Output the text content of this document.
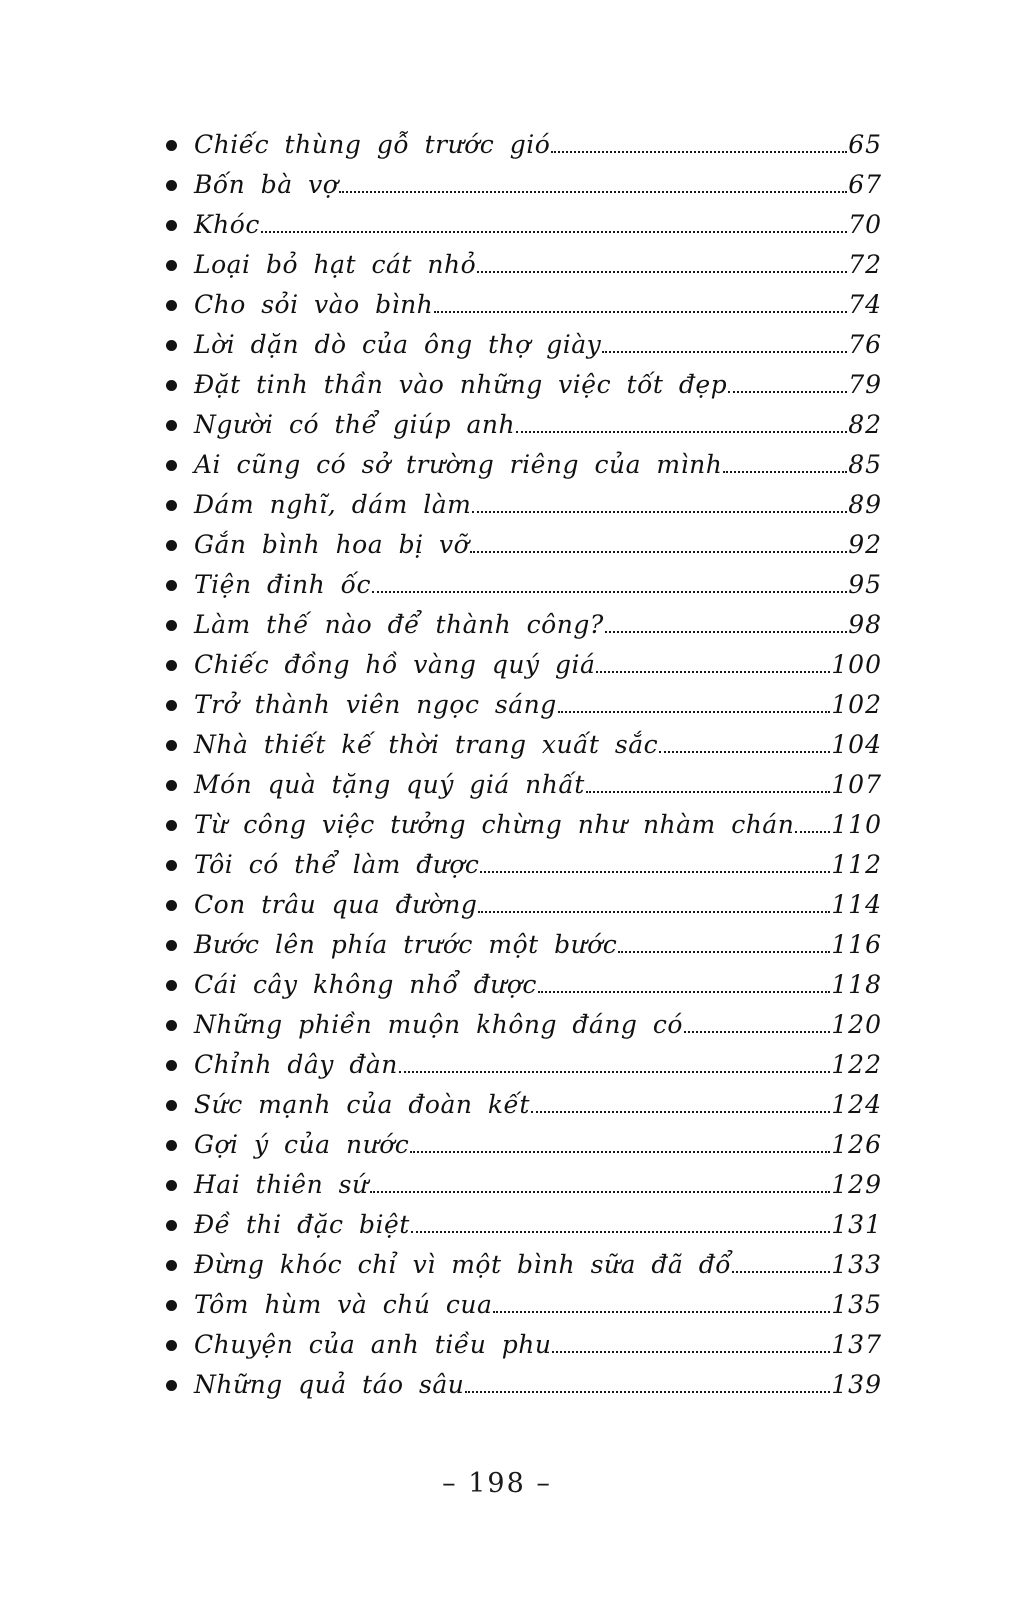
Chiếc thùng gỗ trước gió	65
Bốn bà vợ	67
Khóc	70
Loại bỏ hạt cát nhỏ	72
Cho sỏi vào bình	74
Lời dặn dò của ông thợ giày	76
Đặt tinh thần vào những việc tốt đẹp	79
Người có thể giúp anh	82
Ai cũng có sở trường riêng của mình	85
Dám nghĩ, dám làm	89
Gắn bình hoa bị vỡ	92
Tiện đinh ốc	95
Làm thế nào để thành công?	98
Chiếc đồng hồ vàng quý giá	100
Trở thành viên ngọc sáng	102
Nhà thiết kế thời trang xuất sắc	104
Món quà tặng quý giá nhất	107
Từ công việc tưởng chừng như nhàm chán 110
Tôi có thể làm được	112
Con trâu qua đường	114
Bước lên phía trước một bước	116
Cái cây không nhổ được	118
Những phiền muộn không đáng có	120
Chỉnh dây đàn	122
Sức mạnh của đoàn kết	124
Gợi ý của nước	126
Hai thiên sứ	129
Đề thi đặc biệt	131
Đừng khóc chỉ vì một bình sữa đã đổ	133
Tôm hùm và chú cua	135
Chuyện của anh tiều phu	137
Những quả táo sâu	139
– 198 –
